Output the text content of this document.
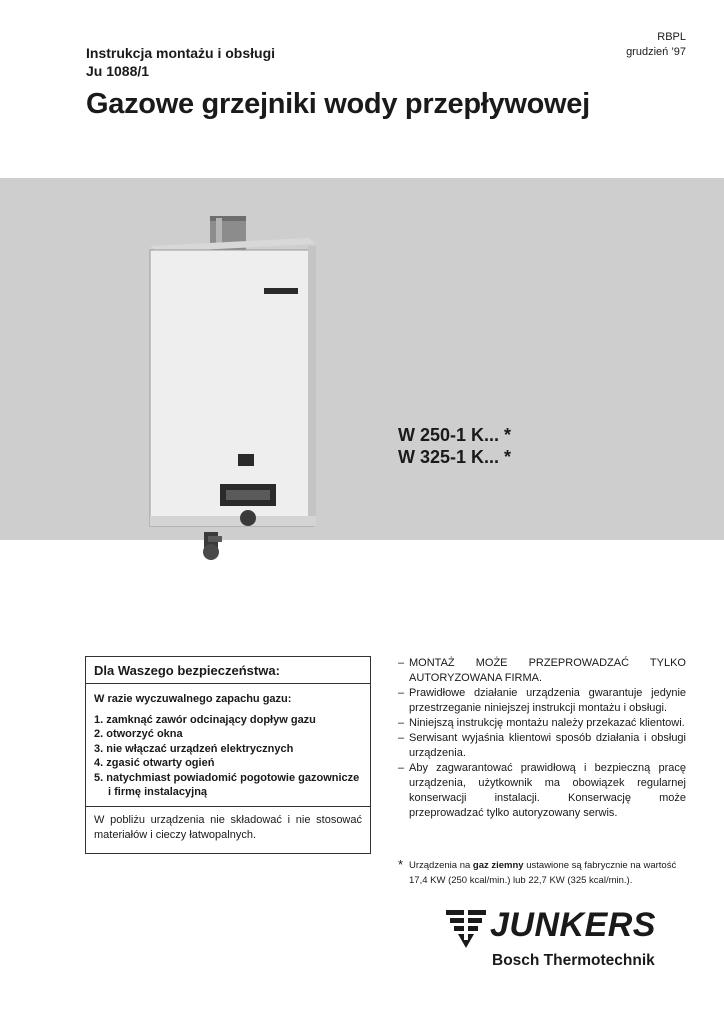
Instrukcja montażu i obsługi
Ju 1088/1
RBPL
grudzień ’97
Gazowe grzejniki wody przepływowej
W 250-1 K... *
W 325-1 K... *
Dla Waszego bezpieczeństwa:
W razie wyczuwalnego zapachu gazu:
1. zamknąć zawór odcinający dopływ gazu
2. otworzyć okna
3. nie włączać urządzeń elektrycznych
4. zgasić otwarty ogień
5. natychmiast powiadomić pogotowie gazownicze i firmę instalacyjną
W pobliżu urządzenia nie składować i nie stosować materiałów i cieczy łatwopalnych.
– MONTAŻ MOŻE PRZEPROWADZAĆ TYLKO AUTORYZOWANA FIRMA.
– Prawidłowe działanie urządzenia gwarantuje jedynie przestrzeganie niniejszej instrukcji montażu i obsługi.
– Niniejszą instrukcję montażu należy przekazać klientowi.
– Serwisant wyjaśnia klientowi sposób działania i obsługi urządzenia.
– Aby zagwarantować prawidłową i bezpieczną pracę urządzenia, użytkownik ma obowiązek regularnej konserwacji instalacji. Konserwację może przeprowadzać tylko autoryzowany serwis.
* Urządzenia na gaz ziemny ustawione są fabrycznie na wartość 17,4 KW (250 kcal/min.) lub 22,7 KW (325 kcal/min.).
JUNKERS
Bosch Thermotechnik
